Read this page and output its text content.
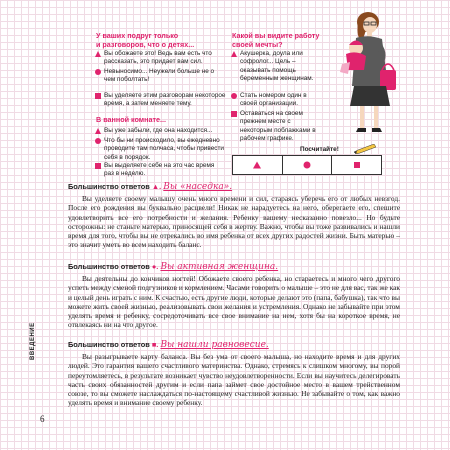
У ваших подруг только
и разговоров, что о детях...
Вы обожаете это! Ведь вам есть что рассказать, это придает вам сил.
Невыносимо... Неужели больше не о чем поболтать!
Вы уделяете этим разговорам некоторое время, а затем меняете тему.
В ванной комнате...
Вы уже забыли, где она находится...
Что бы ни происходило, вы ежедневно проводите там полчаса, чтобы привести себя в порядок.
Вы выделяете себе на это час время раз в неделю.
Какой вы видите работу
своей мечты?
Акушерка, доула или софролог... Цель – оказывать помощь беременным женщинам.
Стать номером один в своей организации.
Оставаться на своем прежнем месте с некоторым поблажками в рабочем графике.
Посчитайте!
Большинство ответов ▲. Вы «наседка».
Вы уделяете своему малышу очень много времени и сил, стараясь уберечь его от любых невзгод. После его рождения вы буквально расцвели! Никак не нарадуетесь на него, оберегаете его, спешите удовлетворить все его потребности и желания. Ребенку вашему несказанно повезло... Но будьте осторожны: не станьте матерью, приносящей себя в жертву. Важно, чтобы вы тоже развивались и нашли время для того, чтобы вы не отрекались во имя ребенка от всех других радостей жизни. Быть матерью – это значит уметь во всем находить баланс.
Большинство ответов ●. Вы активная женщина.
Вы деятельны до кончиков ногтей! Обожаете своего ребенка, но стараетесь и много чего другого успеть между сменой подгузников и кормлением. Часами говорить о малыше – это не для вас, так же как и целый день играть с ним. К счастью, есть другие люди, которые делают это (папа, бабушка), так что вы можете жить своей жизнью, реализовывать свои желания и устремления. Однако не забывайте при этом уделять время и ребенку, сосредоточивать все свое внимание на нем, хотя бы на короткое время, не отвлекаясь ни на что другое.
Большинство ответов ■. Вы нашли равновесие.
Вы разыгрываете карту баланса. Вы без ума от своего малыша, но находите время и для других людей. Это гарантия вашего счастливого материнства. Однако, стремясь к слишком многому, вы порой переутомляетесь, в результате возникает чувство неудовлетворенности. Если вы научитесь делегировать часть своих обязанностей другим и если папа займет свое достойное место в вашем трейственном союзе, то вы сможете наслаждаться по-настоящему счастливой жизнью. Не забывайте о том, как важно уделять время и внимание своему ребенку.
ВВЕДЕНИЕ
6
